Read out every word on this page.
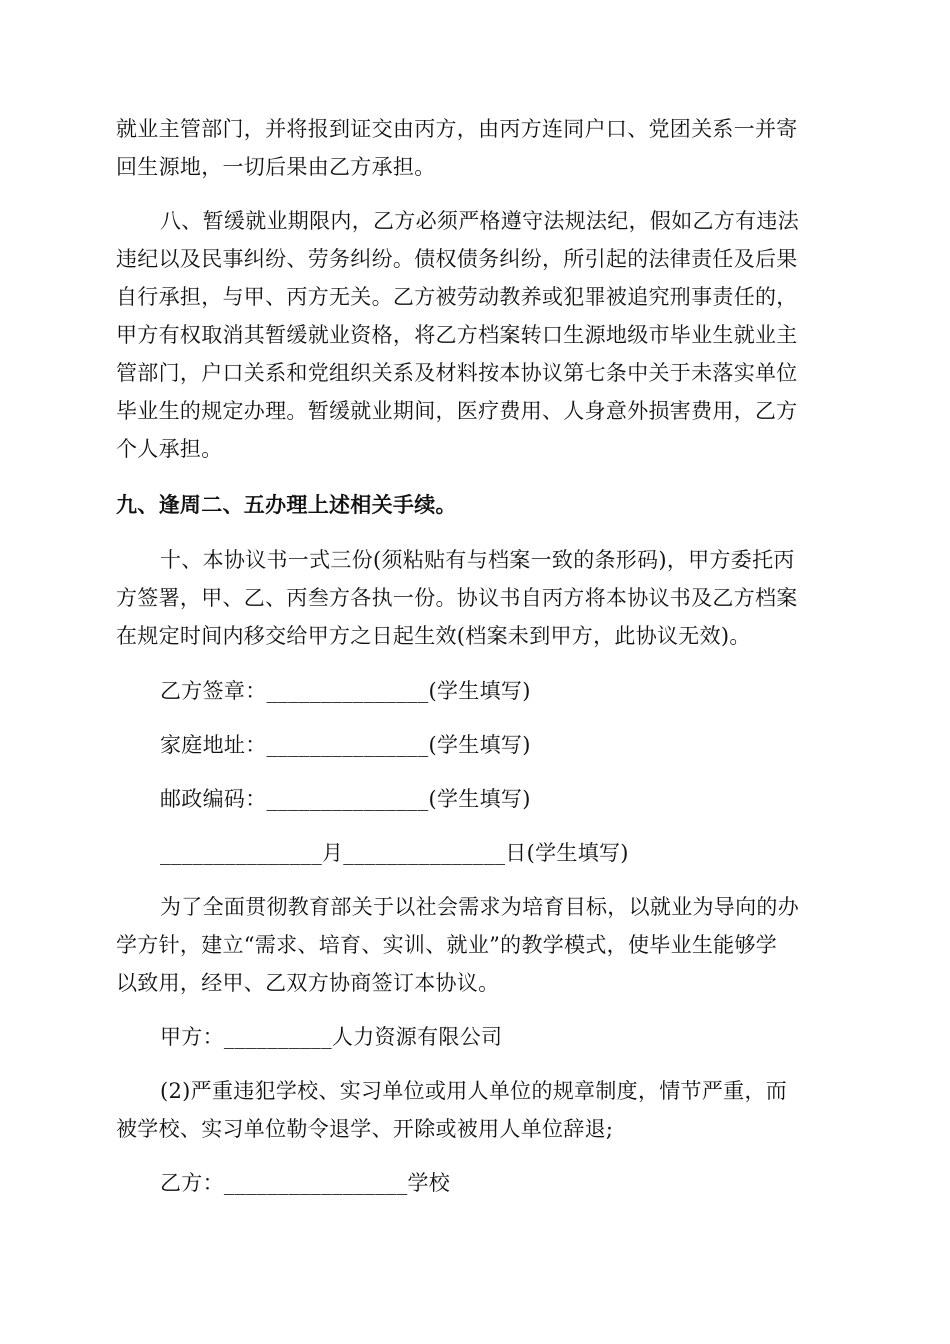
就业主管部门，并将报到证交由丙方，由丙方连同户口、党团关系一并寄
回生源地，一切后果由乙方承担。
八、暂缓就业期限内，乙方必须严格遵守法规法纪，假如乙方有违法
违纪以及民事纠纷、劳务纠纷。债权债务纠纷，所引起的法律责任及后果
自行承担，与甲、丙方无关。乙方被劳动教养或犯罪被追究刑事责任的，
甲方有权取消其暂缓就业资格，将乙方档案转口生源地级市毕业生就业主
管部门，户口关系和党组织关系及材料按本协议第七条中关于未落实单位
毕业生的规定办理。暂缓就业期间，医疗费用、人身意外损害费用，乙方
个人承担。
九、逢周二、五办理上述相关手续。
十、本协议书一式三份(须粘贴有与档案一致的条形码)，甲方委托丙
方签署，甲、乙、丙叁方各执一份。协议书自丙方将本协议书及乙方档案
在规定时间内移交给甲方之日起生效(档案未到甲方，此协议无效)。
乙方签章：_______________(学生填写)
家庭地址：_______________(学生填写)
邮政编码：_______________(学生填写)
_______________月_______________日(学生填写)
为了全面贯彻教育部关于以社会需求为培育目标，以就业为导向的办
学方针，建立“需求、培育、实训、就业”的教学模式，使毕业生能够学
以致用，经甲、乙双方协商签订本协议。
甲方：__________人力资源有限公司
(2)严重违犯学校、实习单位或用人单位的规章制度，情节严重，而
被学校、实习单位勒令退学、开除或被用人单位辞退;
乙方：_________________学校
